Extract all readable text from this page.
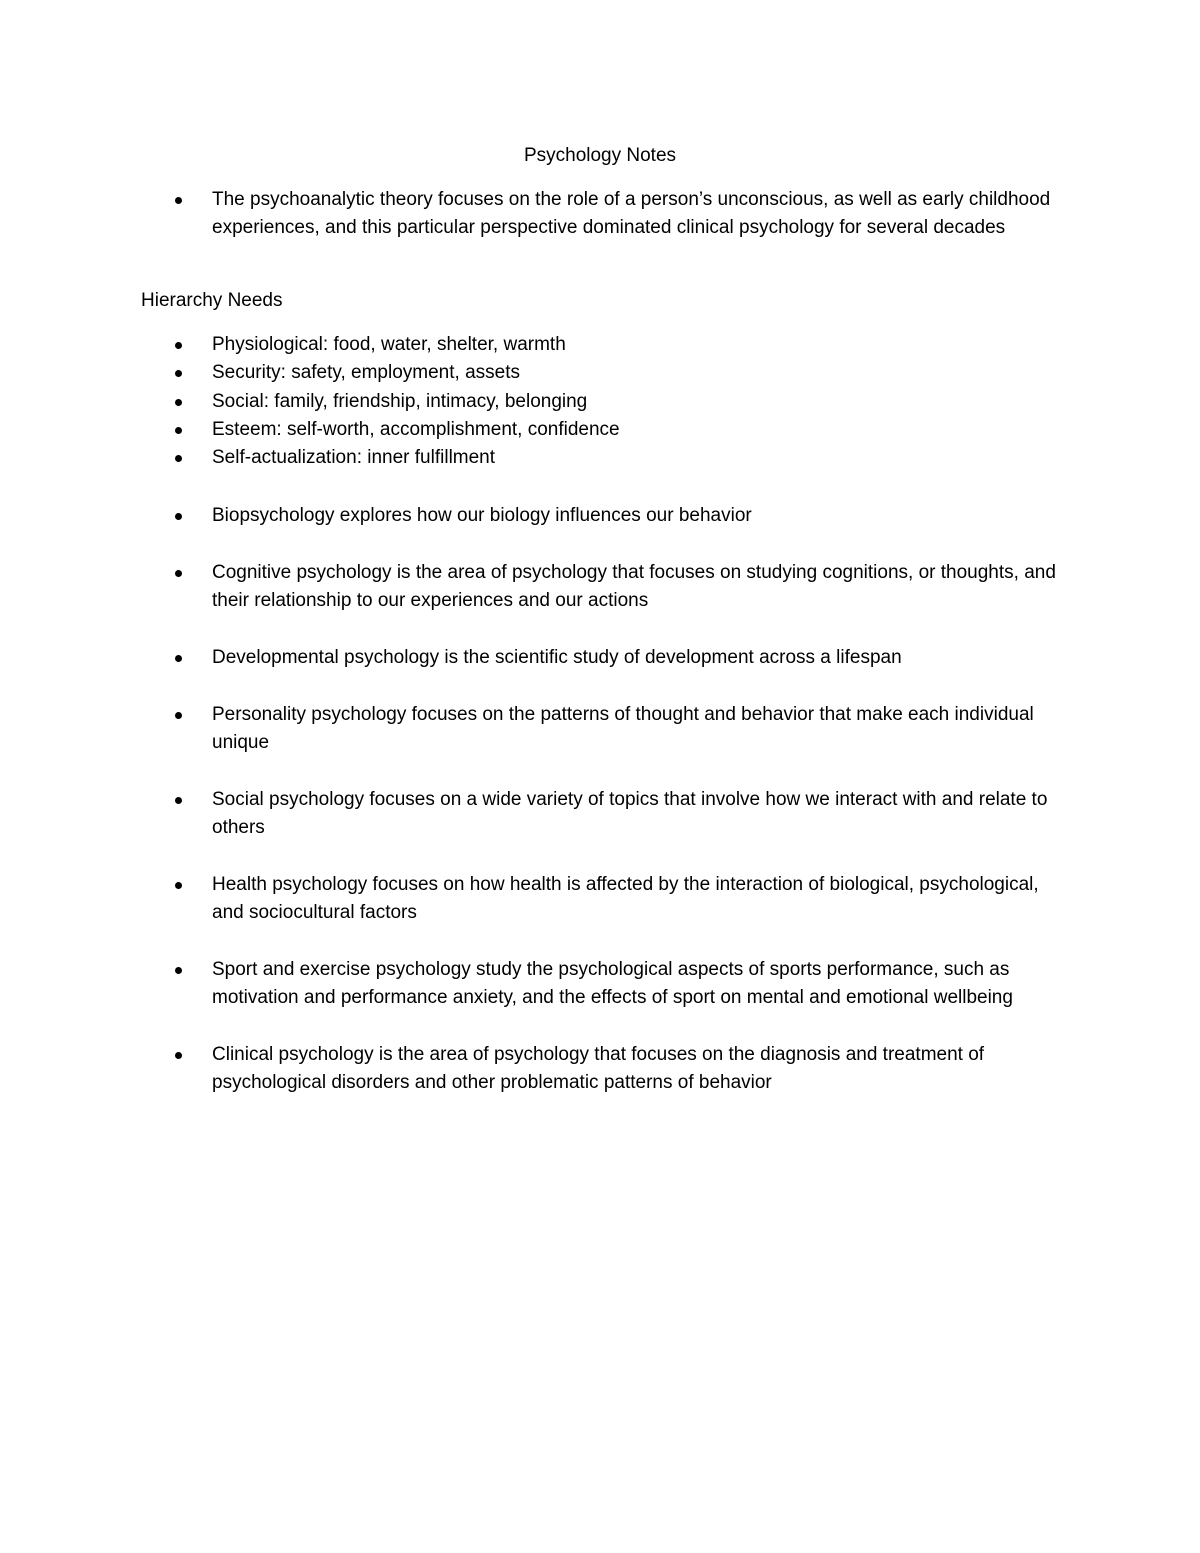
Psychology Notes
The psychoanalytic theory focuses on the role of a person’s unconscious, as well as early childhood experiences, and this particular perspective dominated clinical psychology for several decades
Hierarchy Needs
Physiological: food, water, shelter, warmth
Security: safety, employment, assets
Social: family, friendship, intimacy, belonging
Esteem: self-worth, accomplishment, confidence
Self-actualization: inner fulfillment
Biopsychology explores how our biology influences our behavior
Cognitive psychology is the area of psychology that focuses on studying cognitions, or thoughts, and their relationship to our experiences and our actions
Developmental psychology is the scientific study of development across a lifespan
Personality psychology focuses on the patterns of thought and behavior that make each individual unique
Social psychology focuses on a wide variety of topics that involve how we interact with and relate to others
Health psychology focuses on how health is affected by the interaction of biological, psychological, and sociocultural factors
Sport and exercise psychology study the psychological aspects of sports performance, such as motivation and performance anxiety, and the effects of sport on mental and emotional wellbeing
Clinical psychology is the area of psychology that focuses on the diagnosis and treatment of psychological disorders and other problematic patterns of behavior
